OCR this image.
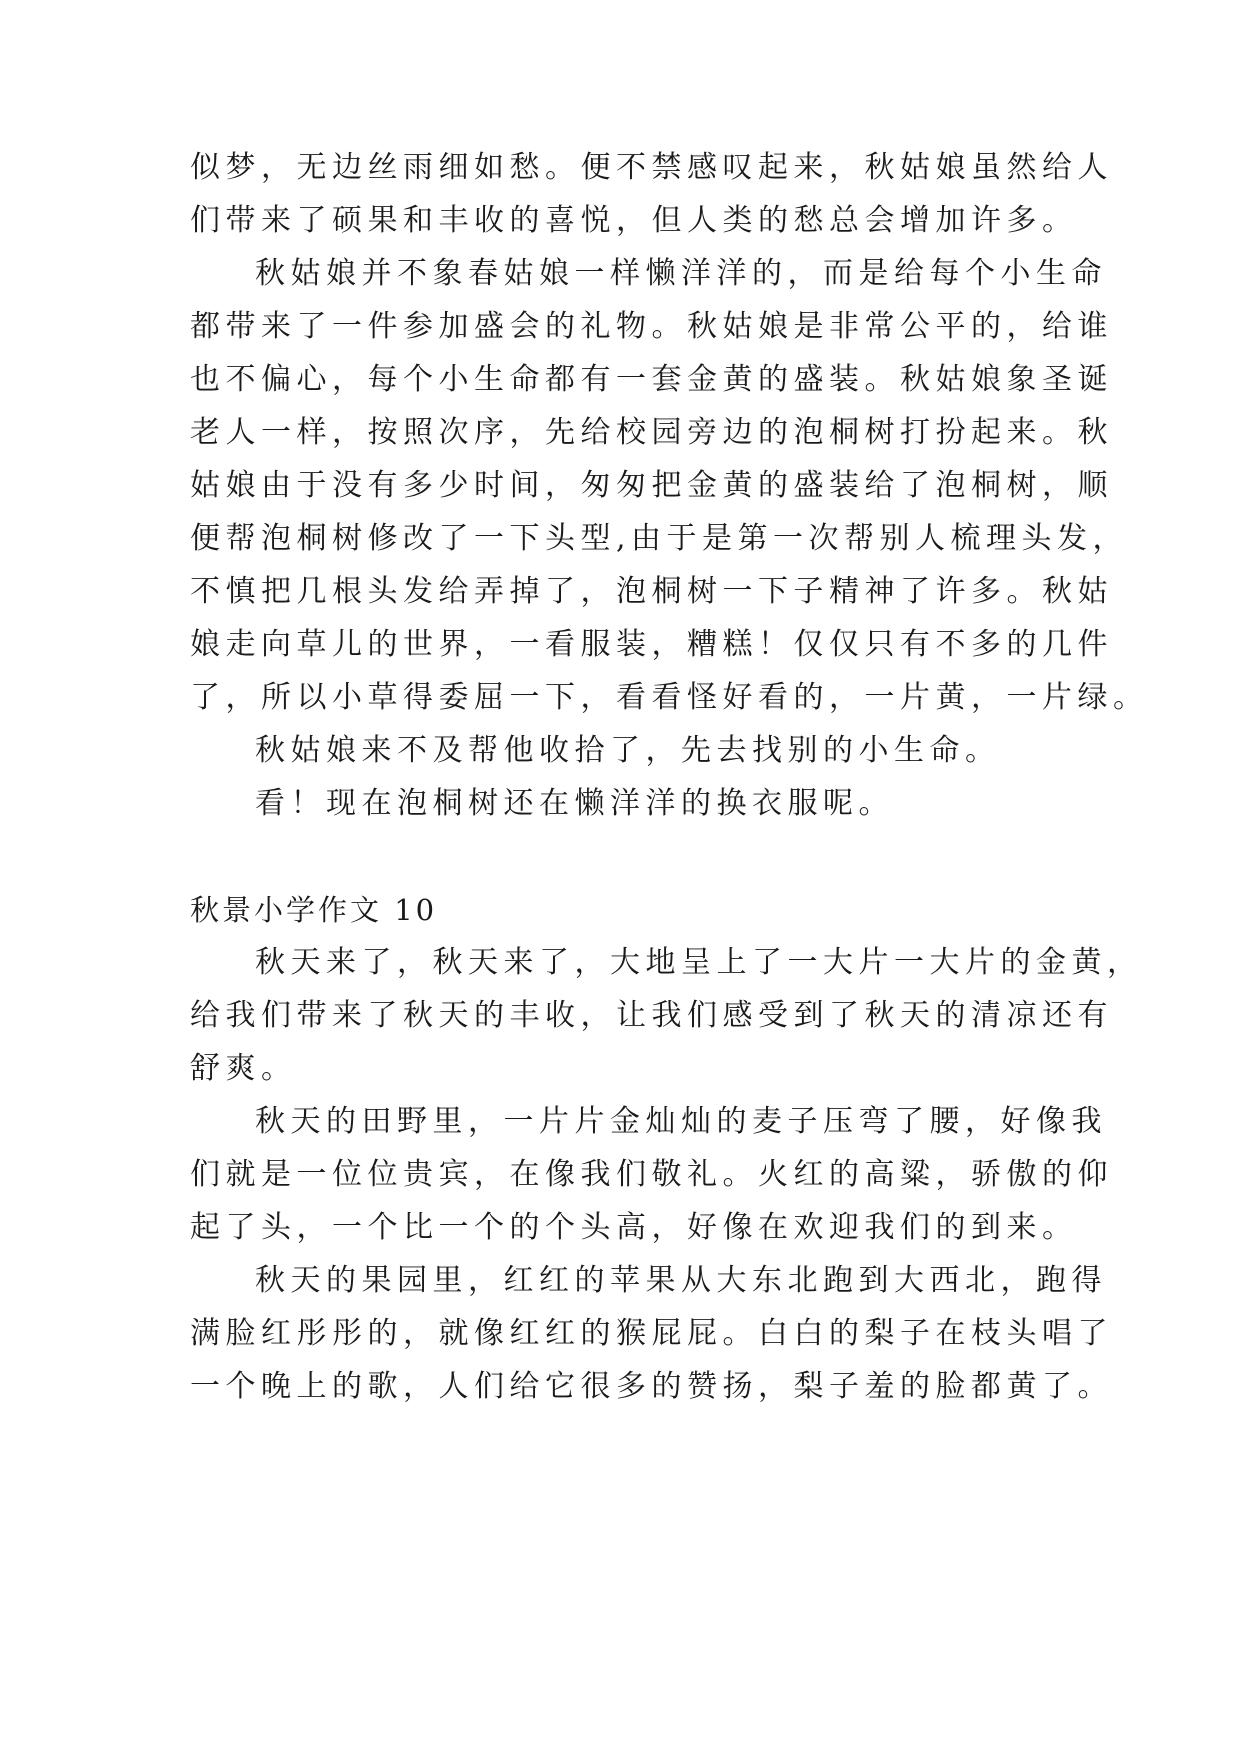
似梦，无边丝雨细如愁。便不禁感叹起来，秋姑娘虽然给人
们带来了硕果和丰收的喜悦，但人类的愁总会增加许多。
秋姑娘并不象春姑娘一样懒洋洋的，而是给每个小生命
都带来了一件参加盛会的礼物。秋姑娘是非常公平的，给谁
也不偏心，每个小生命都有一套金黄的盛装。秋姑娘象圣诞
老人一样，按照次序，先给校园旁边的泡桐树打扮起来。秋
姑娘由于没有多少时间，匆匆把金黄的盛装给了泡桐树，顺
便帮泡桐树修改了一下头型,由于是第一次帮别人梳理头发，
不慎把几根头发给弄掉了，泡桐树一下子精神了许多。秋姑
娘走向草儿的世界，一看服装，糟糕！仅仅只有不多的几件
了，所以小草得委屈一下，看看怪好看的，一片黄，一片绿。
秋姑娘来不及帮他收拾了，先去找别的小生命。
看！现在泡桐树还在懒洋洋的换衣服呢。
秋景小学作文 10
秋天来了，秋天来了，大地呈上了一大片一大片的金黄，
给我们带来了秋天的丰收，让我们感受到了秋天的清凉还有
舒爽。
秋天的田野里，一片片金灿灿的麦子压弯了腰，好像我
们就是一位位贵宾，在像我们敬礼。火红的高粱，骄傲的仰
起了头，一个比一个的个头高，好像在欢迎我们的到来。
秋天的果园里，红红的苹果从大东北跑到大西北，跑得
满脸红彤彤的，就像红红的猴屁屁。白白的梨子在枝头唱了
一个晚上的歌，人们给它很多的赞扬，梨子羞的脸都黄了。
